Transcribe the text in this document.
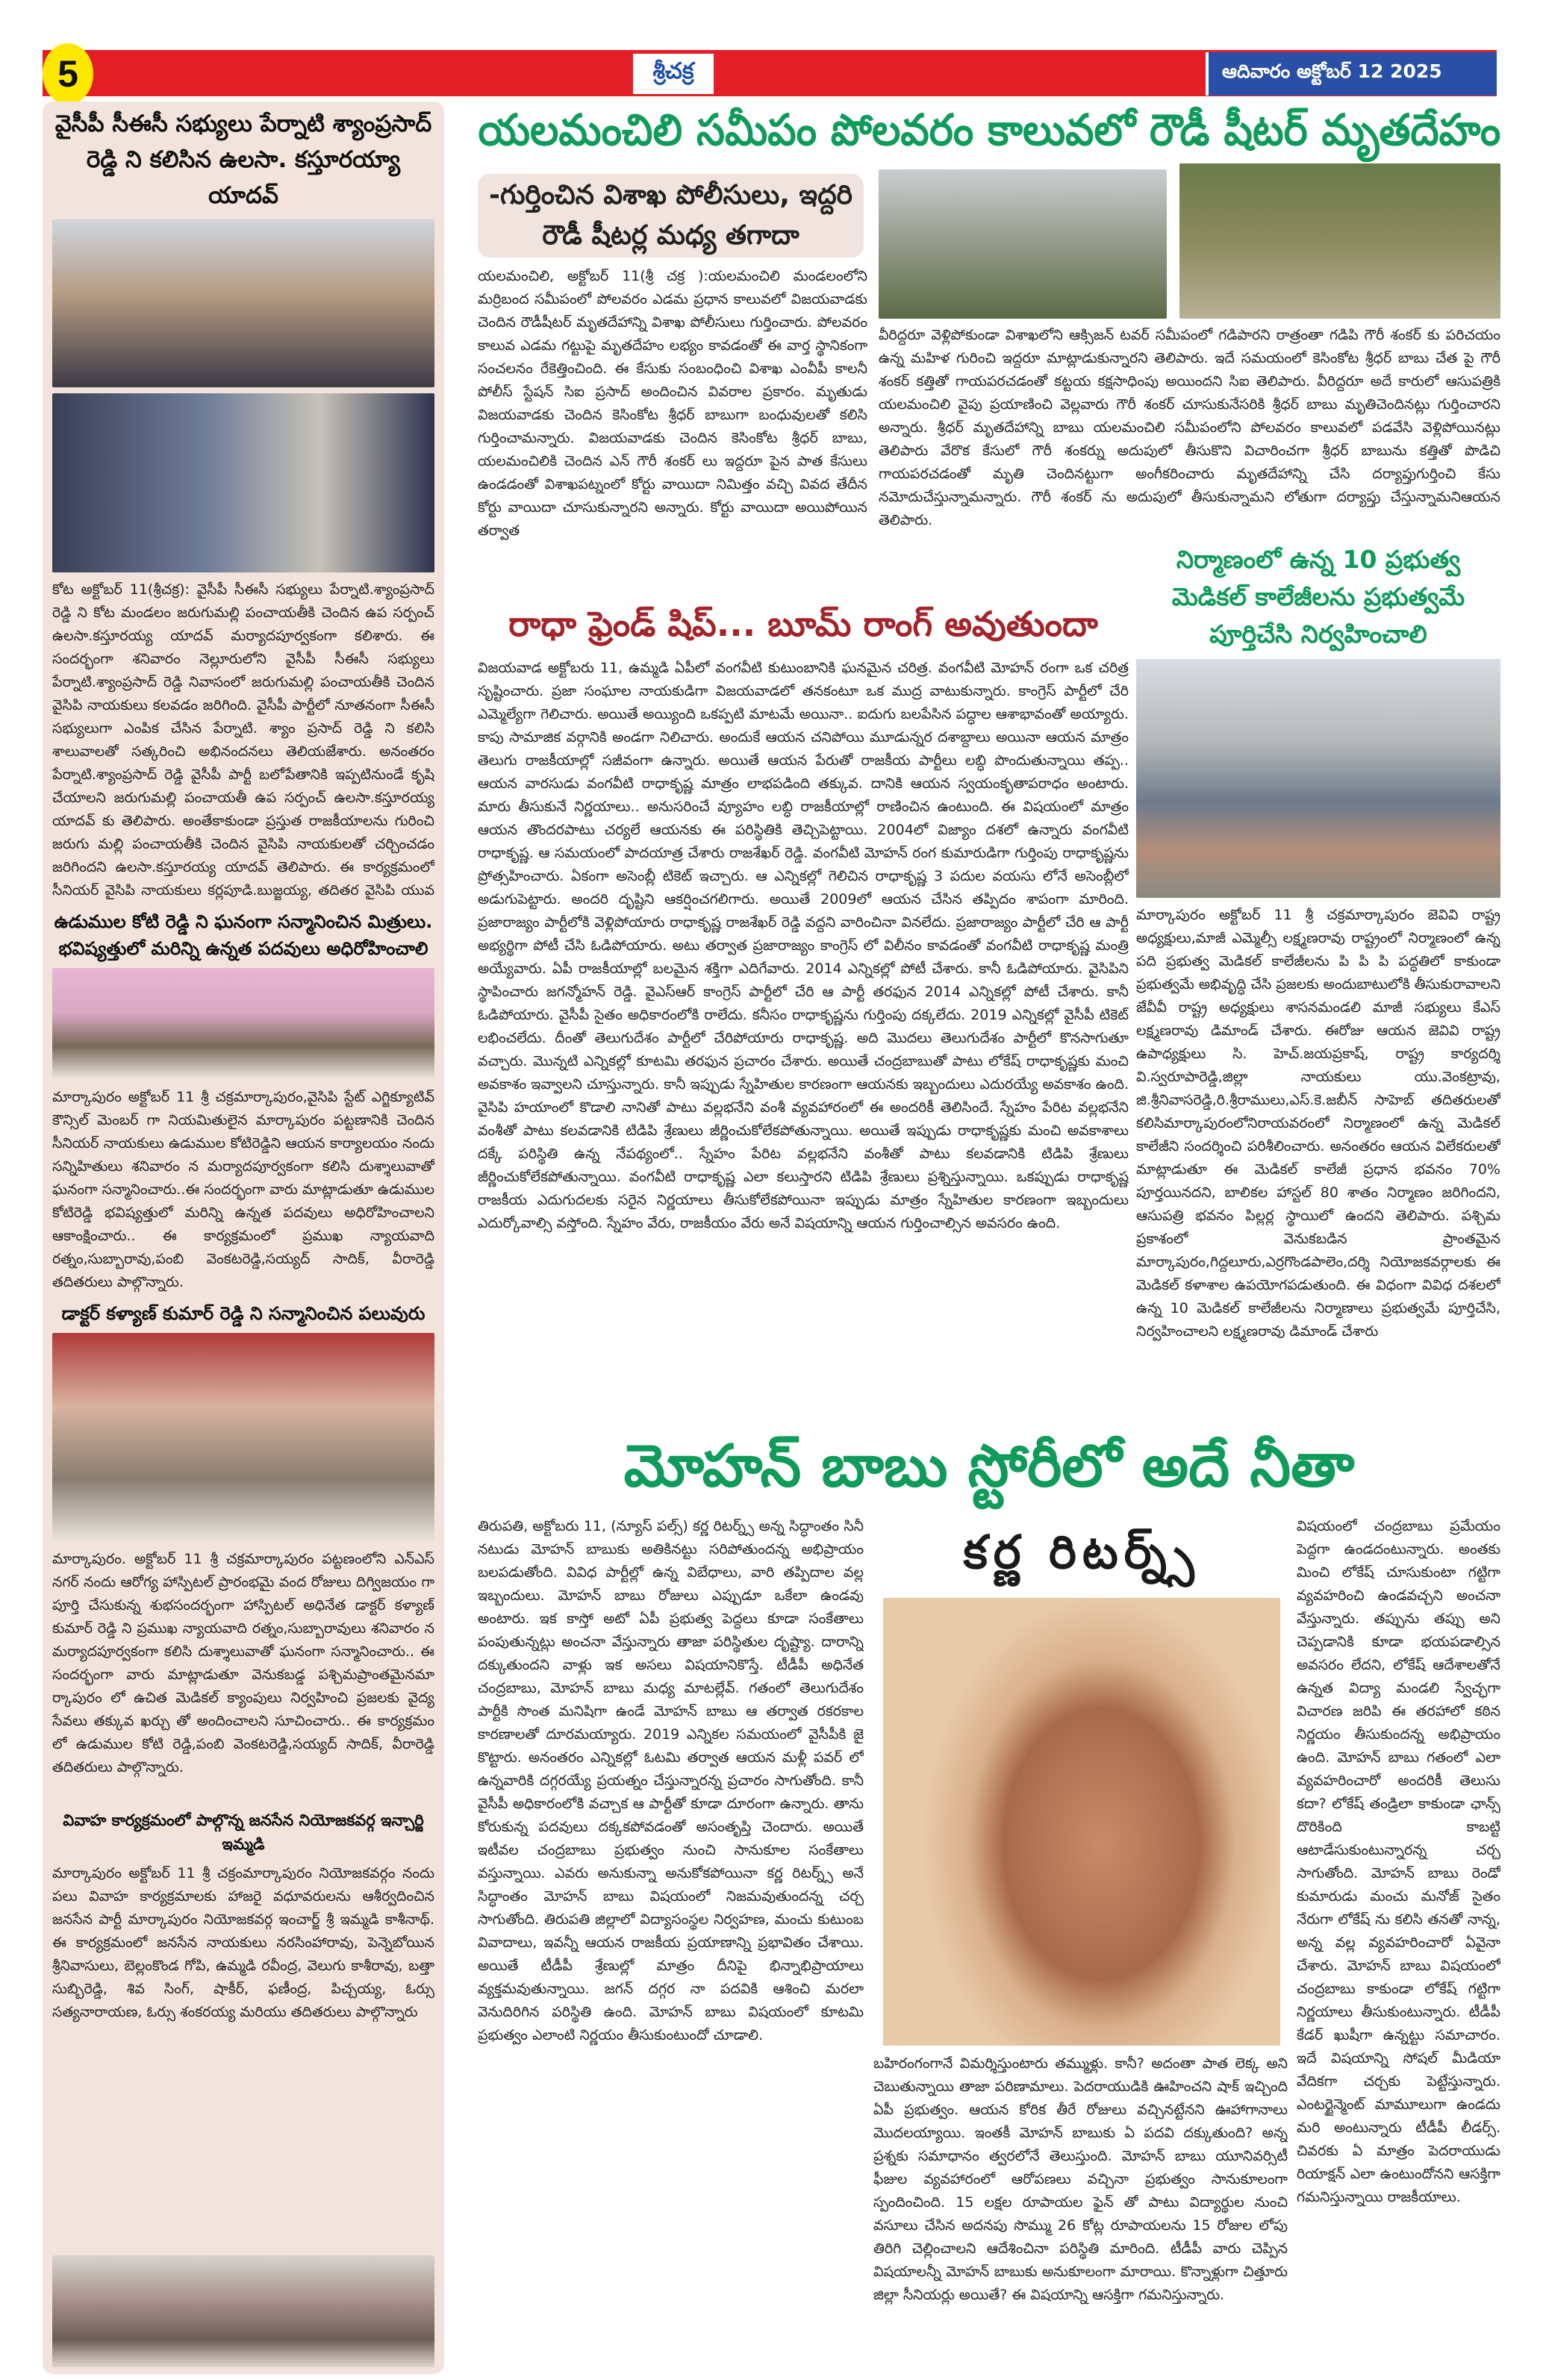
5	శ్రీచక్ర	ఆదివారం అక్టోబర్ 12 2025
వైసీపీ సీఈసీ సభ్యులు పేర్నాటి శ్యాంప్రసాద్ రెడ్డి ని కలిసిన ఉలసా. కస్తూరయ్యా యాదవ్
కోట అక్టోబర్ 11(శ్రీచక్ర): వైసీపీ సీఈసీ సభ్యులు పేర్నాటి.శ్యాంప్రసాద్ రెడ్డి ని కోట మండలం జరుగుమల్లి పంచాయతీకి చెందిన ఉప సర్పంచ్ ఉలసా.కస్తూరయ్య యాదవ్ మర్యాదపూర్వకంగా కలిశారు. ఈ సందర్భంగా శనివారం నెల్లూరులోని వైసీపీ సీఈసీ సభ్యులు పేర్నాటి.శ్యాంప్రసాద్ రెడ్డి నివాసంలో జరుగుమల్లి పంచాయతీకి చెందిన వైసిపి నాయకులు కలవడం జరిగింది. వైసీపీ పార్టీలో నూతనంగా సీఈసీ సభ్యులుగా ఎంపిక చేసిన పేర్నాటి. శ్యాం ప్రసాద్ రెడ్డి ని కలిసి శాలువాలతో సత్కరించి అభినందనలు తెలియజేశారు. అనంతరం పేర్నాటి.శ్యాంప్రసాద్ రెడ్డి వైసీపీ పార్టీ బలోపేతానికి ఇప్పటినుండే కృషి చేయాలని జరుగుమల్లి పంచాయతీ ఉప సర్పంచ్ ఉలసా.కస్తూరయ్య యాదవ్ కు తెలిపారు. అంతేకాకుండా ప్రస్తుత రాజకీయాలను గురించి జరుగు మల్లి పంచాయతీకి చెందిన వైసిపి నాయకులతో చర్చించడం జరిగిందని ఉలసా.కస్తూరయ్య యాదవ్ తెలిపారు. ఈ కార్యక్రమంలో సీనియర్ వైసిపి నాయకులు కర్లపూడి.బుజ్జయ్య, తదితర వైసిపి యువ
ఉడుముల కోటి రెడ్డి ని ఘనంగా సన్మానించిన మిత్రులు. భవిష్యత్తులో మరిన్ని ఉన్నత పదవులు అధిరోహించాలి
మార్కాపురం అక్టోబర్ 11 శ్రీ చక్రమార్కాపురం,వైసిపి స్టేట్ ఎగ్జిక్యూటివ్ కౌన్సిల్ మెంబర్ గా నియమితులైన మార్కాపురం పట్టణానికి చెందిన సీనియర్ నాయకులు ఉడుముల కోటిరెడ్డిని ఆయన కార్యాలయం నందు సన్నిహితులు శనివారం న మర్యాదపూర్వకంగా కలిసి దుశ్శాలువాతో ఘనంగా సన్మానించారు..ఈ సందర్భంగా వారు మాట్లాడుతూ ఉడుముల కోటిరెడ్డి భవిష్యత్తులో మరిన్ని ఉన్నత పదవులు అధిరోహించాలని ఆకాంక్షించారు.. ఈ కార్యక్రమంలో ప్రముఖ న్యాయవాది రత్నం,సుబ్బారావు,పంబి వెంకటరెడ్డి,సయ్యద్ సాదిక్, వీరారెడ్డి తదితరులు పాల్గొన్నారు.
డాక్టర్ కళ్యాణ్ కుమార్ రెడ్డి ని సన్మానించిన పలువురు
మార్కాపురం. అక్టోబర్ 11 శ్రీ చక్రమార్కాపురం పట్టణంలోని ఎన్ఎస్ నగర్ నందు ఆరోగ్య హాస్పిటల్ ప్రారంభమై వంద రోజులు దిగ్విజయం గా పూర్తి చేసుకున్న శుభసందర్భంగా హాస్పిటల్ అధినేత డాక్టర్ కళ్యాణ్ కుమార్ రెడ్డి ని ప్రముఖ న్యాయవాది రత్నం,సుబ్బారావులు శనివారం న మర్యాదపూర్వకంగా కలిసి దుశ్శాలువాతో ఘనంగా సన్మానించారు.. ఈ సందర్భంగా వారు మాట్లాడుతూ వెనుకబడ్డ పశ్చిమప్రాంతమైనమా ర్కాపురం లో ఉచిత మెడికల్ క్యాంపులు నిర్వహించి ప్రజలకు వైద్య సేవలు తక్కువ ఖర్చు తో అందించాలని సూచించారు.. ఈ కార్యక్రమం లో ఉడుముల కోటి రెడ్డి,పంబి వెంకటరెడ్డి,సయ్యద్ సాదిక్, వీరారెడ్డి తదితరులు పాల్గొన్నారు.
వివాహ కార్యక్రమంలో పాల్గొన్న జనసేన నియోజకవర్గ ఇన్చార్జి ఇమ్మడి
మార్కాపురం అక్టోబర్ 11 శ్రీ చక్రంమార్కాపురం నియోజకవర్గం నందు పలు వివాహ కార్యక్రమాలకు హాజరై వధూవరులను ఆశీర్వదించిన జనసేన పార్టీ మార్కాపురం నియోజకవర్గ ఇంచార్జ్ శ్రీ ఇమ్మడి కాశీనాథ్. ఈ కార్యక్రమంలో జనసేన నాయకులు నరసింహారావు, పెన్నెబోయిన శ్రీనివాసులు, బెల్లంకొండ గోపి, ఉమ్మడి రవీంద్ర, వెలుగు కాశీరావు, బత్తా సుబ్బిరెడ్డి, శివ సింగ్, షాకీర్, ఫణీంద్ర, పిచ్చయ్య, ఓర్సు సత్యనారాయణ, ఓర్సు శంకరయ్య మరియు తదితరులు పాల్గొన్నారు
యలమంచిలి సమీపం పోలవరం కాలువలో రౌడీ షీటర్ మృతదేహం
-గుర్తించిన విశాఖ పోలీసులు, ఇద్దరి రౌడీ షీటర్ల మధ్య తగాదా
యలమంచిలి, అక్టోబర్ 11(శ్రీ చక్ర ):యలమంచిలి మండలంలోని మర్రిబంద సమీపంలో పోలవరం ఎడమ ప్రధాన కాలువలో విజయవాడకు చెందిన రౌడీషీటర్ మృతదేహాన్ని విశాఖ పోలీసులు గుర్తించారు. పోలవరం కాలువ ఎడమ గట్టుపై మృతదేహం లభ్యం కావడంతో ఈ వార్త స్థానికంగా సంచలనం రేకెత్తించింది. ఈ కేసుకు సంబంధించి విశాఖ ఎంవీపీ కాలనీ పోలీస్ స్టేషన్ సిఐ ప్రసాద్ అందించిన వివరాల ప్రకారం. మృతుడు విజయవాడకు చెందిన కెసింకోట శ్రీధర్ బాబుగా బంధువులతో కలిసి గుర్తించామన్నారు. విజయవాడకు చెందిన కెసింకోట శ్రీధర్ బాబు, యలమంచిలికి చెందిన ఎన్ గౌరీ శంకర్ లు ఇద్దరూ పైన పాత కేసులు ఉండడంతో విశాఖపట్నంలో కోర్టు వాయిదా నిమిత్తం వచ్చి వివద తేదీన కోర్టు వాయిదా చూసుకున్నారని అన్నారు. కోర్టు వాయిదా అయిపోయిన తర్వాత
వీరిద్దరూ వెళ్లిపోకుండా విశాఖలోని ఆక్సిజన్ టవర్ సమీపంలో గడిపారని రాత్రంతా గడిపి గౌరీ శంకర్ కు పరిచయం ఉన్న మహిళ గురించి ఇద్దరూ మాట్లాడుకున్నారని తెలిపారు. ఇదే సమయంలో కెసింకోట శ్రీధర్ బాబు చేత పై గౌరీ శంకర్ కత్తితో గాయపరచడంతో కట్టయ కక్షసాధింపు అయిందని సిఐ తెలిపారు. వీరిద్దరూ అదే కారులో ఆసుపత్రికి యలమంచిలి వైపు ప్రయాణించి వెల్లవారు గౌరీ శంకర్ చూసుకునేసరికి శ్రీధర్ బాబు మృతిచెందినట్లు గుర్తించారని అన్నారు. శ్రీధర్ మృతదేహాన్ని బాబు యలమంచిలి సమీపంలోని పోలవరం కాలువలో పడవేసి వెళ్లిపోయినట్లు తెలిపారు వేరొక కేసులో గౌరీ శంకర్ను అదుపులో తీసుకొని విచారించగా శ్రీధర్ బాబును కత్తితో పొడిచి గాయపరచడంతో మృతి చెందినట్టుగా అంగీకరించారు మృతదేహాన్ని చేసి దర్యాప్తుగుర్తించి కేసు నమోదుచేస్తున్నామన్నారు. గౌరీ శంకర్ ను అదుపులో తీసుకున్నామని లోతుగా దర్యాప్తు చేస్తున్నామనిఆయన తెలిపారు.
రాధా ఫ్రెండ్ షిప్... బూమ్ రాంగ్ అవుతుందా
విజయవాడ అక్టోబరు 11, ఉమ్మడి ఏపీలో వంగవీటి కుటుంబానికి ఘనమైన చరిత్ర. వంగవీటి మోహన్ రంగా ఒక చరిత్ర సృష్టించారు. ప్రజా సంఘాల నాయకుడిగా విజయవాడలో తనకంటూ ఒక ముద్ర వాటుకున్నారు. కాంగ్రెస్ పార్టీలో చేరి ఎమ్మెల్యేగా గెలిచారు. అయితే అయ్యింది ఒకప్పటి మాటమే అయినా.. ఐదుగు బలపేసిన పద్ధాల ఆశాభావంతో అయ్యారు. కాపు సామాజిక వర్గానికి అండగా నిలిచారు. అందుకే ఆయన చనిపోయి మూడున్నర దశాబ్దాలు అయినా ఆయన మాత్రం తెలుగు రాజకీయాల్లో సజీవంగా ఉన్నారు. అయితే ఆయన పేరుతో రాజకీయ పార్టీలు లబ్ధి పొందుతున్నాయి తప్ప.. ఆయన వారసుడు వంగవీటి రాధాకృష్ణ మాత్రం లాభపడింది తక్కువ. దానికి ఆయన స్వయంకృతాపరాధం అంటారు. మారు తీసుకునే నిర్ణయాలు.. అనుసరించే వ్యూహం లబ్ధి రాజకీయాల్లో రాణించిన ఉంటుంది. ఈ విషయంలో మాత్రం ఆయన తొందరపాటు చర్యలే ఆయనకు ఈ పరిస్థితికి తెచ్చిపెట్టాయి. 2004లో విజ్యాం దశలో ఉన్నారు వంగవీటి రాధాకృష్ణ. ఆ సమయంలో పాదయాత్ర చేశారు రాజశేఖర్ రెడ్డి. వంగవీటి మోహన్ రంగ కుమారుడిగా గుర్తింపు రాధాకృష్ణను ప్రోత్సహించారు. ఏకంగా అసెంబ్లీ టికెట్ ఇచ్చారు. ఆ ఎన్నికల్లో గెలిచిన రాధాకృష్ణ 3 పదుల వయసు లోనే అసెంబ్లీలో అడుగుపెట్టారు. అందరి దృష్టిని ఆకర్షించగలిగారు. అయితే 2009లో ఆయన చేసిన తప్పిదం శాపంగా మారింది. ప్రజారాజ్యం పార్టీలోకి వెళ్లిపోయారు రాధాకృష్ణ రాజశేఖర్ రెడ్డి వద్దని వారించినా వినలేదు. ప్రజారాజ్యం పార్టీలో చేరి ఆ పార్టీ అభ్యర్థిగా పోటీ చేసి ఓడిపోయారు. అటు తర్వాత ప్రజారాజ్యం కాంగ్రెస్ లో విలీనం కావడంతో వంగవీటి రాధాకృష్ణ మంత్రి అయ్యేవారు. ఏపీ రాజకీయాల్లో బలమైన శక్తిగా ఎదిగేవారు. 2014 ఎన్నికల్లో పోటీ చేశారు. కానీ ఓడిపోయారు. వైసిపిని స్థాపించారు జగన్మోహన్ రెడ్డి. వైఎస్ఆర్ కాంగ్రెస్ పార్టీలో చేరి ఆ పార్టీ తరఫున 2014 ఎన్నికల్లో పోటీ చేశారు. కానీ ఓడిపోయారు. వైసీపీ సైతం అధికారంలోకి రాలేదు. కనీసం రాధాకృష్ణను గుర్తింపు దక్కలేదు. 2019 ఎన్నికల్లో వైసీపీ టికెట్ లభించలేదు. దీంతో తెలుగుదేశం పార్టీలో చేరిపోయారు రాధాకృష్ణ. అది మొదలు తెలుగుదేశం పార్టీలో కొనసాగుతూ వచ్చారు. మొన్నటి ఎన్నికల్లో కూటమి తరఫున ప్రచారం చేశారు. అయితే చంద్రబాబుతో పాటు లోకేష్ రాధాకృష్ణకు మంచి అవకాశం ఇవ్వాలని చూస్తున్నారు. కానీ ఇప్పుడు స్నేహితుల కారణంగా ఆయనకు ఇబ్బందులు ఎదురయ్యే అవకాశం ఉంది. వైసిపి హయాంలో కొడాలి నానితో పాటు వల్లభనేని వంశీ వ్యవహారంలో ఈ అందరికీ తెలిసిందే. స్నేహం పేరిట వల్లభనేని వంశీతో పాటు కలవడానికి టిడిపి శ్రేణులు జీర్ణించుకోలేకపోతున్నాయి. అయితే ఇప్పుడు రాధాకృష్ణకు మంచి అవకాశాలు దక్కే పరిస్థితి ఉన్న నేపథ్యంలో.. స్నేహం పేరిట వల్లభనేని వంశీతో పాటు కలవడానికి టిడిపి శ్రేణులు జీర్ణించుకోలేకపోతున్నాయి. వంగవీటి రాధాకృష్ణ ఎలా కలుస్తారని టిడిపి శ్రేణులు ప్రశ్నిస్తున్నాయి. ఒకప్పుడు రాధాకృష్ణ రాజకీయ ఎదుగుదలకు సరైన నిర్ణయాలు తీసుకోలేకపోయినా ఇప్పుడు మాత్రం స్నేహితుల కారణంగా ఇబ్బందులు ఎదుర్కోవాల్సి వస్తోంది. స్నేహం వేరు, రాజకీయం వేరు అనే విషయాన్ని ఆయన గుర్తించాల్సిన అవసరం ఉంది.
నిర్మాణంలో ఉన్న 10 ప్రభుత్వ మెడికల్ కాలేజీలను ప్రభుత్వమే పూర్తిచేసి నిర్వహించాలి
మార్కాపురం అక్టోబర్ 11 శ్రీ చక్రమార్కాపురం జెవివి రాష్ట్ర అధ్యక్షులు,మాజీ ఎమ్మెల్సీ లక్ష్మణరావు రాష్ట్రంలో నిర్మాణంలో ఉన్న పది ప్రభుత్వ మెడికల్ కాలేజీలను పి పి పి పద్ధతిలో కాకుండా ప్రభుత్వమే అభివృద్ధి చేసి ప్రజలకు అందుబాటులోకి తీసుకురావాలని జేవీవీ రాష్ట్ర అధ్యక్షులు శాసనమండలి మాజీ సభ్యులు కేఎస్ లక్ష్మణరావు డిమాండ్ చేశారు. ఈరోజు ఆయన జెవివి రాష్ట్ర ఉపాధ్యక్షులు సి. హెచ్.జయప్రకాష్, రాష్ట్ర కార్యదర్శి వి.స్వరూపారెడ్డి,జిల్లా నాయకులు యు.వెంకట్రావు, జి.శ్రీనివాసరెడ్డి,రి.శ్రీరాములు,ఎస్.కె.జబీన్ సాహెబ్ తదితరులతో కలిసిమార్కాపురంలోనిరాయవరంలో నిర్మాణంలో ఉన్న మెడికల్ కాలేజీని సందర్శించి పరిశీలించారు. అనంతరం ఆయన విలేకరులతో మాట్లాడుతూ ఈ మెడికల్ కాలేజీ ప్రధాన భవనం 70% పూర్తయినదని, బాలికల హాస్టల్ 80 శాతం నిర్మాణం జరిగిందని, ఆసుపత్రి భవనం పిల్లర్ల స్థాయిలో ఉందని తెలిపారు. పశ్చిమ ప్రకాశంలో వెనుకబడిన ప్రాంతమైన మార్కాపురం,గిద్దలూరు,ఎర్రగొండపాలెం,దర్శి నియోజకవర్గాలకు ఈ మెడికల్ కళాశాల ఉపయోగపడుతుంది. ఈ విధంగా వివిధ దశలలో ఉన్న 10 మెడికల్ కాలేజీలను నిర్మాణాలు ప్రభుత్వమే పూర్తిచేసి, నిర్వహించాలని లక్ష్మణరావు డిమాండ్ చేశారు
మోహన్ బాబు స్టోరీలో అదే నీతా
తిరుపతి, అక్టోబరు 11, (న్యూస్ పల్స్) కర్ణ రిటర్న్స్ అన్న సిద్ధాంతం సినీ నటుడు మోహన్ బాబుకు అతికినట్టు సరిపోతుందన్న అభిప్రాయం బలపడుతోంది. వివిధ పార్టీల్లో ఉన్న విబేధాలు, వారి తప్పిదాల వల్ల ఇబ్బందులు. మోహన్ బాబు రోజులు ఎప్పుడూ ఒకేలా ఉండవు అంటారు. ఇక కాస్తో అటో ఏపీ ప్రభుత్వ పెద్దలు కూడా సంకేతాలు పంపుతున్నట్లు అంచనా వేస్తున్నారు తాజా పరిస్థితుల దృష్ట్యా. దారాన్ని దక్కుతుందని వాళ్లు ఇక అసలు విషయానికొస్తే. టీడీపీ అధినేత చంద్రబాబు, మోహన్ బాబు మధ్య మాటల్లేవ్. గతంలో తెలుగుదేశం పార్టీకి సొంత మనిషిగా ఉండే మోహన్ బాబు ఆ తర్వాత రకరకాల కారణాలతో దూరమయ్యారు. 2019 ఎన్నికల సమయంలో వైసీపీకి జై కొట్టారు. అనంతరం ఎన్నికల్లో ఓటమి తర్వాత ఆయన మళ్లీ పవర్ లో ఉన్నవారికి దగ్గరయ్యే ప్రయత్నం చేస్తున్నారన్న ప్రచారం సాగుతోంది. కానీ వైసీపీ అధికారంలోకి వచ్చాక ఆ పార్టీతో కూడా దూరంగా ఉన్నారు. తాను కోరుకున్న పదవులు దక్కకపోవడంతో అసంతృప్తి చెందారు. అయితే ఇటీవల చంద్రబాబు ప్రభుత్వం నుంచి సానుకూల సంకేతాలు వస్తున్నాయి. ఎవరు అనుకున్నా అనుకోకపోయినా కర్ణ రిటర్న్స్ అనే సిద్ధాంతం మోహన్ బాబు విషయంలో నిజమవుతుందన్న చర్చ సాగుతోంది. తిరుపతి జిల్లాలో విద్యాసంస్థల నిర్వహణ, మంచు కుటుంబ వివాదాలు, ఇవన్నీ ఆయన రాజకీయ ప్రయాణాన్ని ప్రభావితం చేశాయి. అయితే టీడీపీ శ్రేణుల్లో మాత్రం దీనిపై భిన్నాభిప్రాయాలు వ్యక్తమవుతున్నాయి. జగన్ దగ్గర నా పదవికి ఆశించి మరలా వెనుదిరిగిన పరిస్థితి ఉంది. మోహన్ బాబు విషయంలో కూటమి ప్రభుత్వం ఎలాంటి నిర్ణయం తీసుకుంటుందో చూడాలి.
కర్ణ రిటర్న్స్
బహిరంగంగానే విమర్శిస్తుంటారు తమ్ముళ్లు. కానీ? అదంతా పాత లెక్క అని చెబుతున్నాయి తాజా పరిణామాలు. పెదరాయుడికి ఊహించని షాక్ ఇచ్చింది ఏపీ ప్రభుత్వం. ఆయన కోరిక తీరే రోజులు వచ్చినట్టేనని ఊహాగానాలు మొదలయ్యాయి. ఇంతకీ మోహన్ బాబుకు ఏ పదవి దక్కుతుంది? అన్న ప్రశ్నకు సమాధానం త్వరలోనే తెలుస్తుంది. మోహన్ బాబు యూనివర్సిటీ ఫీజుల వ్యవహారంలో ఆరోపణలు వచ్చినా ప్రభుత్వం సానుకూలంగా స్పందించింది. 15 లక్షల రూపాయల ఫైన్ తో పాటు విద్యార్థుల నుంచి వసూలు చేసిన అదనపు సొమ్ము 26 కోట్ల రూపాయలను 15 రోజుల లోపు తిరిగి చెల్లించాలని ఆదేశించినా పరిస్థితి మారింది. టీడీపీ వారు చెప్పిన విషయాలన్నీ మోహన్ బాబుకు అనుకూలంగా మారాయి. కొన్నాళ్లుగా చిత్తూరు జిల్లా సీనియర్లు అయితే? ఈ విషయాన్ని ఆసక్తిగా గమనిస్తున్నారు.
విషయంలో చంద్రబాబు ప్రమేయం పెద్దగా ఉండదంటున్నారు. అంతకు మించి లోకేష్ చూసుకుంటా గట్టిగా వ్యవహరించి ఉండవచ్చని అంచనా వేస్తున్నారు. తప్పును తప్పు అని చెప్పడానికి కూడా భయపడాల్సిన అవసరం లేదని, లోకేష్ ఆదేశాలతోనే ఉన్నత విద్యా మండలి స్వేచ్ఛగా విచారణ జరిపి ఈ తరహాలో కఠిన నిర్ణయం తీసుకుందన్న అభిప్రాయం ఉంది. మోహన్ బాబు గతంలో ఎలా వ్యవహరించారో అందరికీ తెలుసు కదా? లోకేష్ తండ్రిలా కాకుండా ఛాన్స్ దొరికింది కాబట్టి ఆటాడేసుకుంటున్నారన్న చర్చ సాగుతోంది. మోహన్ బాబు రెండో కుమారుడు మంచు మనోజ్ సైతం నేరుగా లోకేష్ ను కలిసి తనతో నాన్న, అన్న వల్ల వ్యవహరించారో ఏవైనా చేశారు. మోహన్ బాబు విషయంలో చంద్రబాబు కాకుండా లోకేష్ గట్టిగా నిర్ణయాలు తీసుకుంటున్నారు. టీడీపీ కేడర్ ఖుషీగా ఉన్నట్టు సమాచారం. ఇదే విషయాన్ని సోషల్ మీడియా వేదికగా చర్చకు పెట్టేస్తున్నారు. ఎంటర్టైన్మెంట్ మామూలుగా ఉండదు మరి అంటున్నారు టీడీపీ లీడర్స్. చివరకు ఏ మాత్రం పెదరాయుడు రియాక్షన్ ఎలా ఉంటుందోనని ఆసక్తిగా గమనిస్తున్నాయి రాజకీయాలు.
